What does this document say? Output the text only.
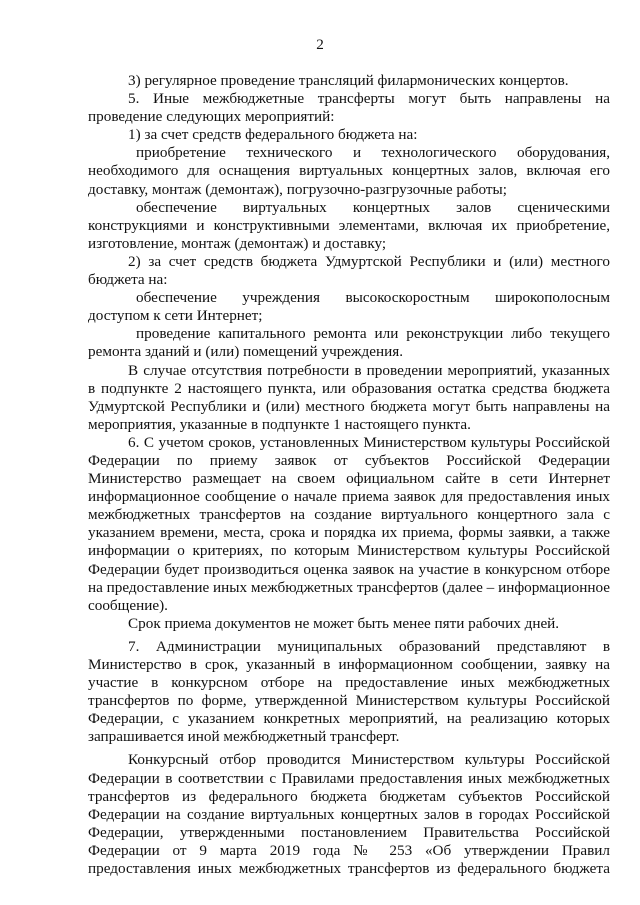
2

3) регулярное проведение трансляций филармонических концертов.

5. Иные межбюджетные трансферты могут быть направлены на проведение следующих мероприятий:

1) за счет средств федерального бюджета на:

приобретение технического и технологического оборудования, необходимого для оснащения виртуальных концертных залов, включая его доставку, монтаж (демонтаж), погрузочно-разгрузочные работы;

обеспечение виртуальных концертных залов сценическими конструкциями и конструктивными элементами, включая их приобретение, изготовление, монтаж (демонтаж) и доставку;

2) за счет средств бюджета Удмуртской Республики и (или) местного бюджета на:

обеспечение учреждения высокоскоростным широкополосным доступом к сети Интернет;

проведение капитального ремонта или реконструкции либо текущего ремонта зданий и (или) помещений учреждения.

В случае отсутствия потребности в проведении мероприятий, указанных в подпункте 2 настоящего пункта, или образования остатка средства бюджета Удмуртской Республики и (или) местного бюджета могут быть направлены на мероприятия, указанные в подпункте 1 настоящего пункта.

6. С учетом сроков, установленных Министерством культуры Российской Федерации по приему заявок от субъектов Российской Федерации Министерство размещает на своем официальном сайте в сети Интернет информационное сообщение о начале приема заявок для предоставления иных межбюджетных трансфертов на создание виртуального концертного зала с указанием времени, места, срока и порядка их приема, формы заявки, а также информации о критериях, по которым Министерством культуры Российской Федерации будет производиться оценка заявок на участие в конкурсном отборе на предоставление иных межбюджетных трансфертов (далее – информационное сообщение).

Срок приема документов не может быть менее пяти рабочих дней.

7. Администрации муниципальных образований представляют в Министерство в срок, указанный в информационном сообщении, заявку на участие в конкурсном отборе на предоставление иных межбюджетных трансфертов по форме, утвержденной Министерством культуры Российской Федерации, с указанием конкретных мероприятий, на реализацию которых запрашивается иной межбюджетный трансферт.

Конкурсный отбор проводится Министерством культуры Российской Федерации в соответствии с Правилами предоставления иных межбюджетных трансфертов из федерального бюджета бюджетам субъектов Российской Федерации на создание виртуальных концертных залов в городах Российской Федерации, утвержденными постановлением Правительства Российской Федерации от 9 марта 2019 года № 253 «Об утверждении Правил предоставления иных межбюджетных трансфертов из федерального бюджета
